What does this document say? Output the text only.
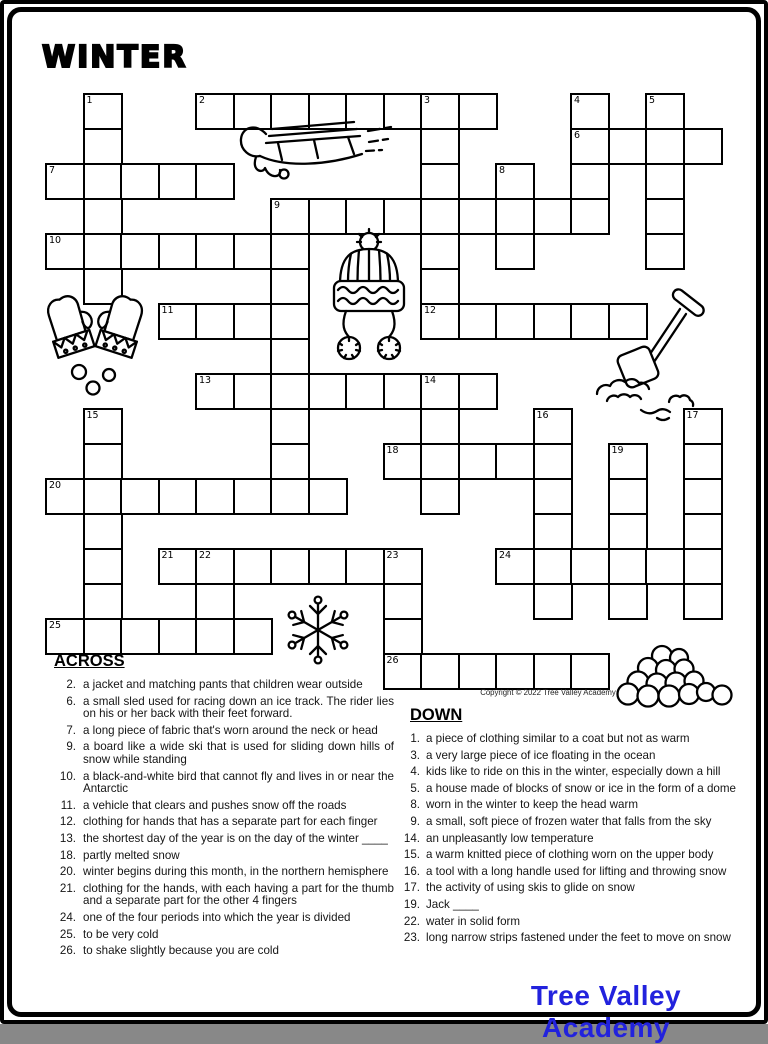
WINTER
2	3
6
7
9
10
11	12
13	14
18
20
21	22	23	24
25
26
1	4	5
8
15	16	17
19
Copyright © 2022 Tree Valley Academy
ACROSS
2. a jacket and matching pants that children wear outside
6. a small sled used for racing down an ice track. The rider lies on his or her back with their feet forward.
7. a long piece of fabric that's worn around the neck or head
9. a board like a wide ski that is used for sliding down hills of snow while standing
10. a black-and-white bird that cannot fly and lives in or near the Antarctic
11. a vehicle that clears and pushes snow off the roads
12. clothing for hands that has a separate part for each finger
13. the shortest day of the year is on the day of the winter ____
18. partly melted snow
20. winter begins during this month, in the northern hemisphere
21. clothing for the hands, with each having a part for the thumb and a separate part for the other 4 fingers
24. one of the four periods into which the year is divided
25. to be very cold
26. to shake slightly because you are cold
DOWN
1. a piece of clothing similar to a coat but not as warm
3. a very large piece of ice floating in the ocean
4. kids like to ride on this in the winter, especially down a hill
5. a house made of blocks of snow or ice in the form of a dome
8. worn in the winter to keep the head warm
9. a small, soft piece of frozen water that falls from the sky
14. an unpleasantly low temperature
15. a warm knitted piece of clothing worn on the upper body
16. a tool with a long handle used for lifting and throwing snow
17. the activity of using skis to glide on snow
19. Jack ____
22. water in solid form
23. long narrow strips fastened under the feet to move on snow
Tree Valley Academy
